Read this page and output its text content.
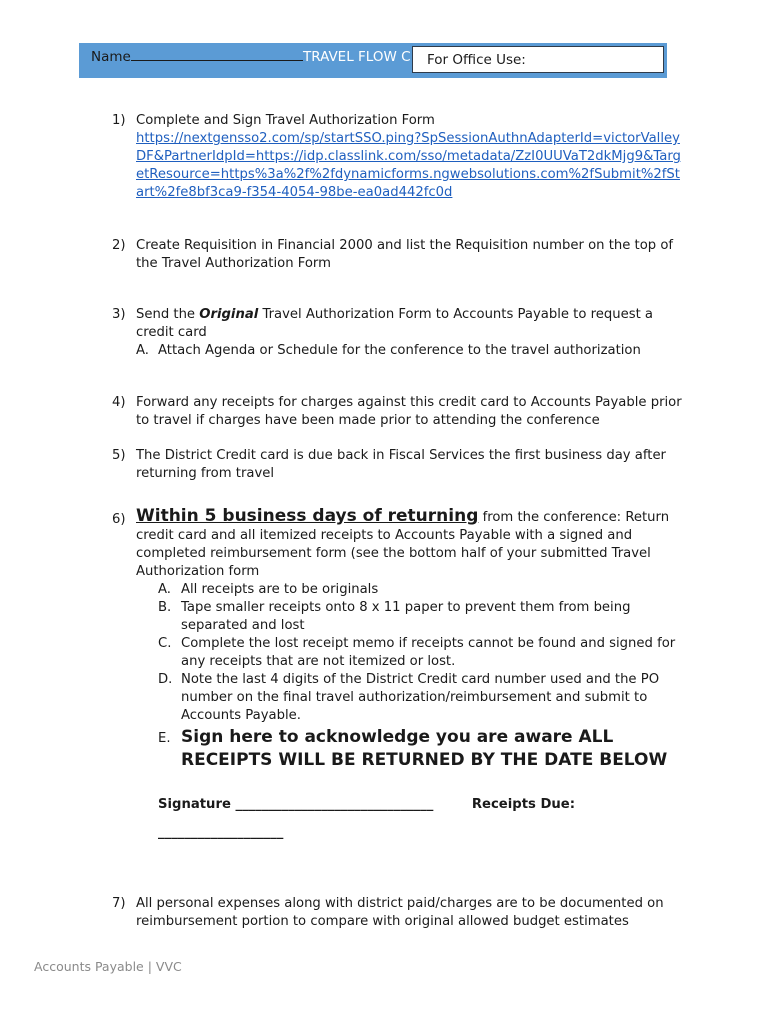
Name	TRAVEL FLOW C	For Office Use:
1) Complete and Sign Travel Authorization Form
https://nextgensso2.com/sp/startSSO.ping?SpSessionAuthnAdapterId=victorValleyDF&PartnerIdpId=https://idp.classlink.com/sso/metadata/ZzI0UUVaT2dkMjg9&TargetResource=https%3a%2f%2fdynamicforms.ngwebsolutions.com%2fSubmit%2fStart%2fe8bf3ca9-f354-4054-98be-ea0ad442fc0d
2) Create Requisition in Financial 2000 and list the Requisition number on the top of the Travel Authorization Form
3) Send the Original Travel Authorization Form to Accounts Payable to request a credit card
A. Attach Agenda or Schedule for the conference to the travel authorization
4) Forward any receipts for charges against this credit card to Accounts Payable prior to travel if charges have been made prior to attending the conference
5) The District Credit card is due back in Fiscal Services the first business day after returning from travel
6) Within 5 business days of returning from the conference: Return credit card and all itemized receipts to Accounts Payable with a signed and completed reimbursement form (see the bottom half of your submitted Travel Authorization form
A. All receipts are to be originals
B. Tape smaller receipts onto 8 x 11 paper to prevent them from being separated and lost
C. Complete the lost receipt memo if receipts cannot be found and signed for any receipts that are not itemized or lost.
D. Note the last 4 digits of the District Credit card number used and the PO number on the final travel authorization/reimbursement and submit to Accounts Payable.
E. Sign here to acknowledge you are aware ALL RECEIPTS WILL BE RETURNED BY THE DATE BELOW
Signature ______________________________	Receipts Due:
___________________
7) All personal expenses along with district paid/charges are to be documented on reimbursement portion to compare with original allowed budget estimates
Accounts Payable | VVC
